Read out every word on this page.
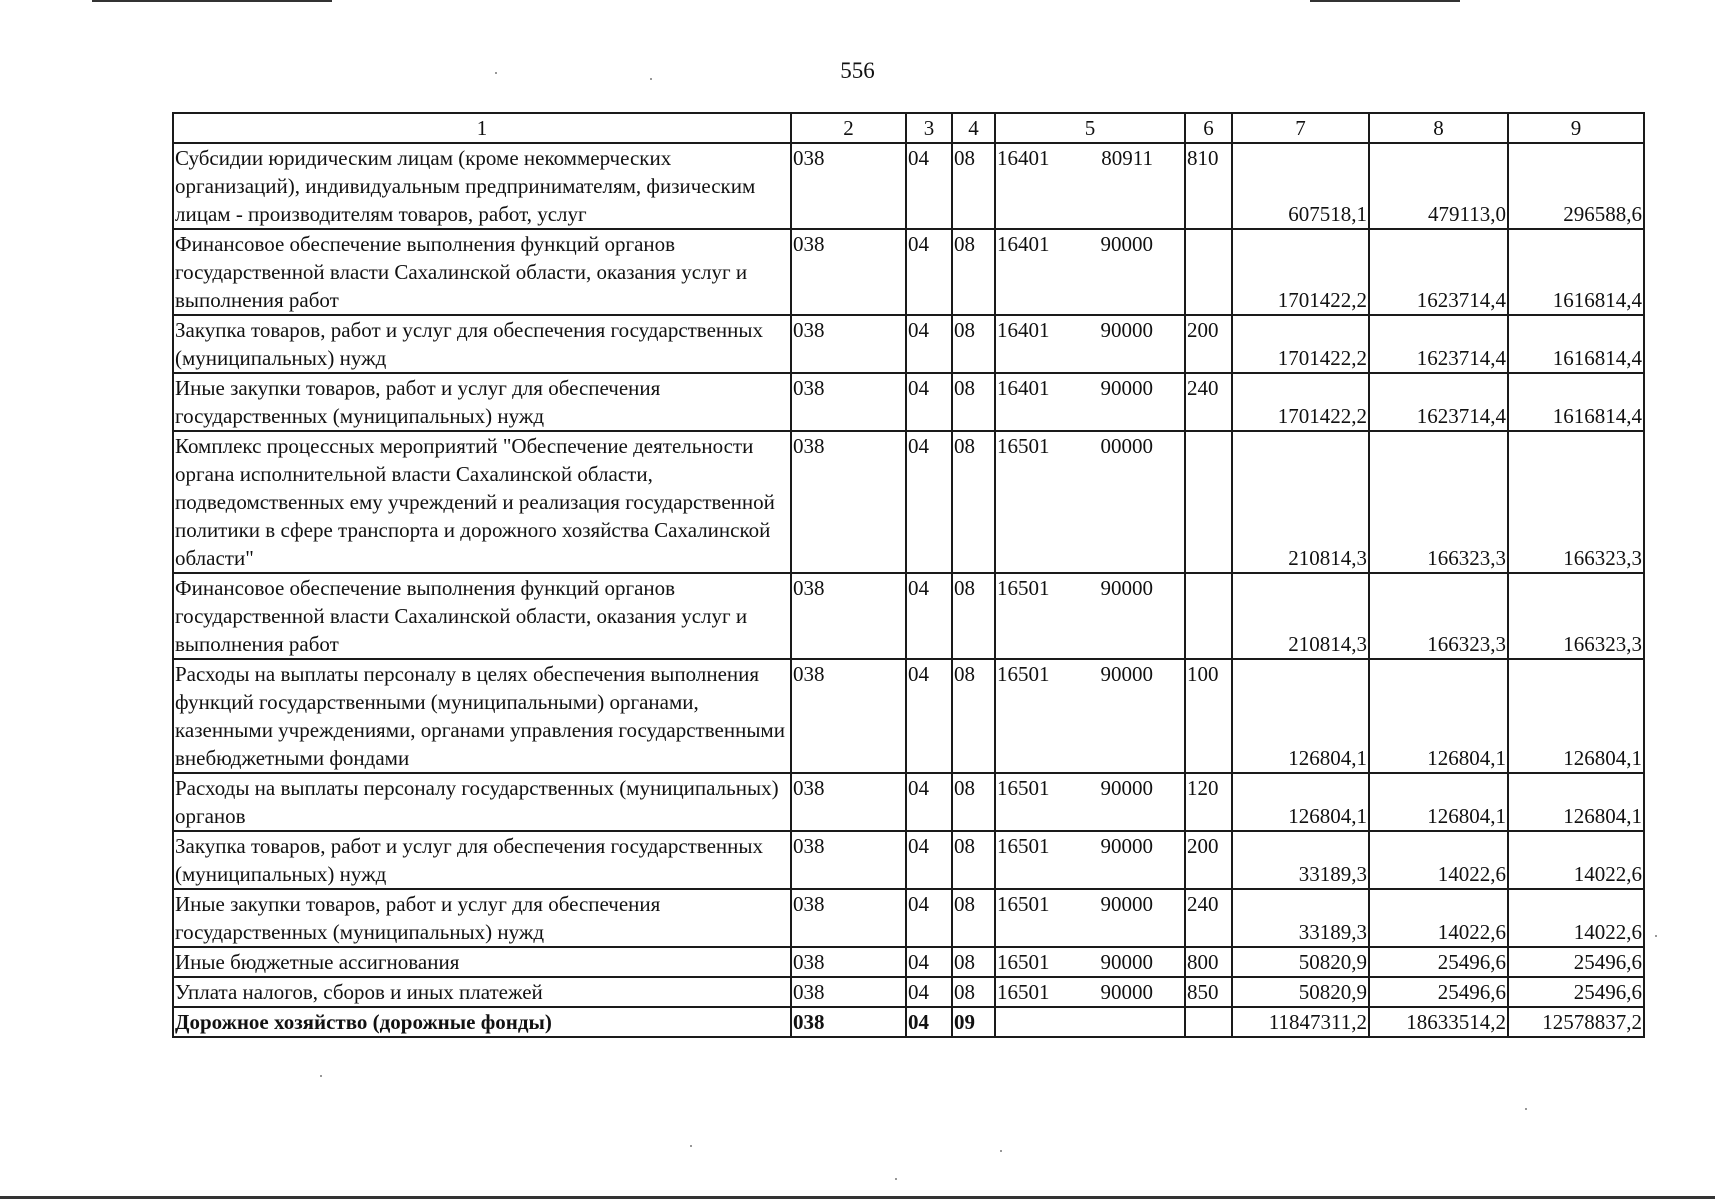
556
1	2	3	4	5	6	7	8	9
Субсидии юридическим лицам (кроме некоммерческих организаций), индивидуальным предпринимателям, физическим лицам - производителям товаров, работ, услуг	038	04	08	16401 80911	810	607518,1	479113,0	296588,6
Финансовое обеспечение выполнения функций органов государственной власти Сахалинской области, оказания услуг и выполнения работ	038	04	08	16401 90000		1701422,2	1623714,4	1616814,4
Закупка товаров, работ и услуг для обеспечения государственных (муниципальных) нужд	038	04	08	16401 90000	200	1701422,2	1623714,4	1616814,4
Иные закупки товаров, работ и услуг для обеспечения государственных (муниципальных) нужд	038	04	08	16401 90000	240	1701422,2	1623714,4	1616814,4
Комплекс процессных мероприятий "Обеспечение деятельности органа исполнительной власти Сахалинской области, подведомственных ему учреждений и реализация государственной политики в сфере транспорта и дорожного хозяйства Сахалинской области"	038	04	08	16501 00000		210814,3	166323,3	166323,3
Финансовое обеспечение выполнения функций органов государственной власти Сахалинской области, оказания услуг и выполнения работ	038	04	08	16501 90000		210814,3	166323,3	166323,3
Расходы на выплаты персоналу в целях обеспечения выполнения функций государственными (муниципальными) органами, казенными учреждениями, органами управления государственными внебюджетными фондами	038	04	08	16501 90000	100	126804,1	126804,1	126804,1
Расходы на выплаты персоналу государственных (муниципальных) органов	038	04	08	16501 90000	120	126804,1	126804,1	126804,1
Закупка товаров, работ и услуг для обеспечения государственных (муниципальных) нужд	038	04	08	16501 90000	200	33189,3	14022,6	14022,6
Иные закупки товаров, работ и услуг для обеспечения государственных (муниципальных) нужд	038	04	08	16501 90000	240	33189,3	14022,6	14022,6
Иные бюджетные ассигнования	038	04	08	16501 90000	800	50820,9	25496,6	25496,6
Уплата налогов, сборов и иных платежей	038	04	08	16501 90000	850	50820,9	25496,6	25496,6
Дорожное хозяйство (дорожные фонды)	038	04	09			11847311,2	18633514,2	12578837,2
